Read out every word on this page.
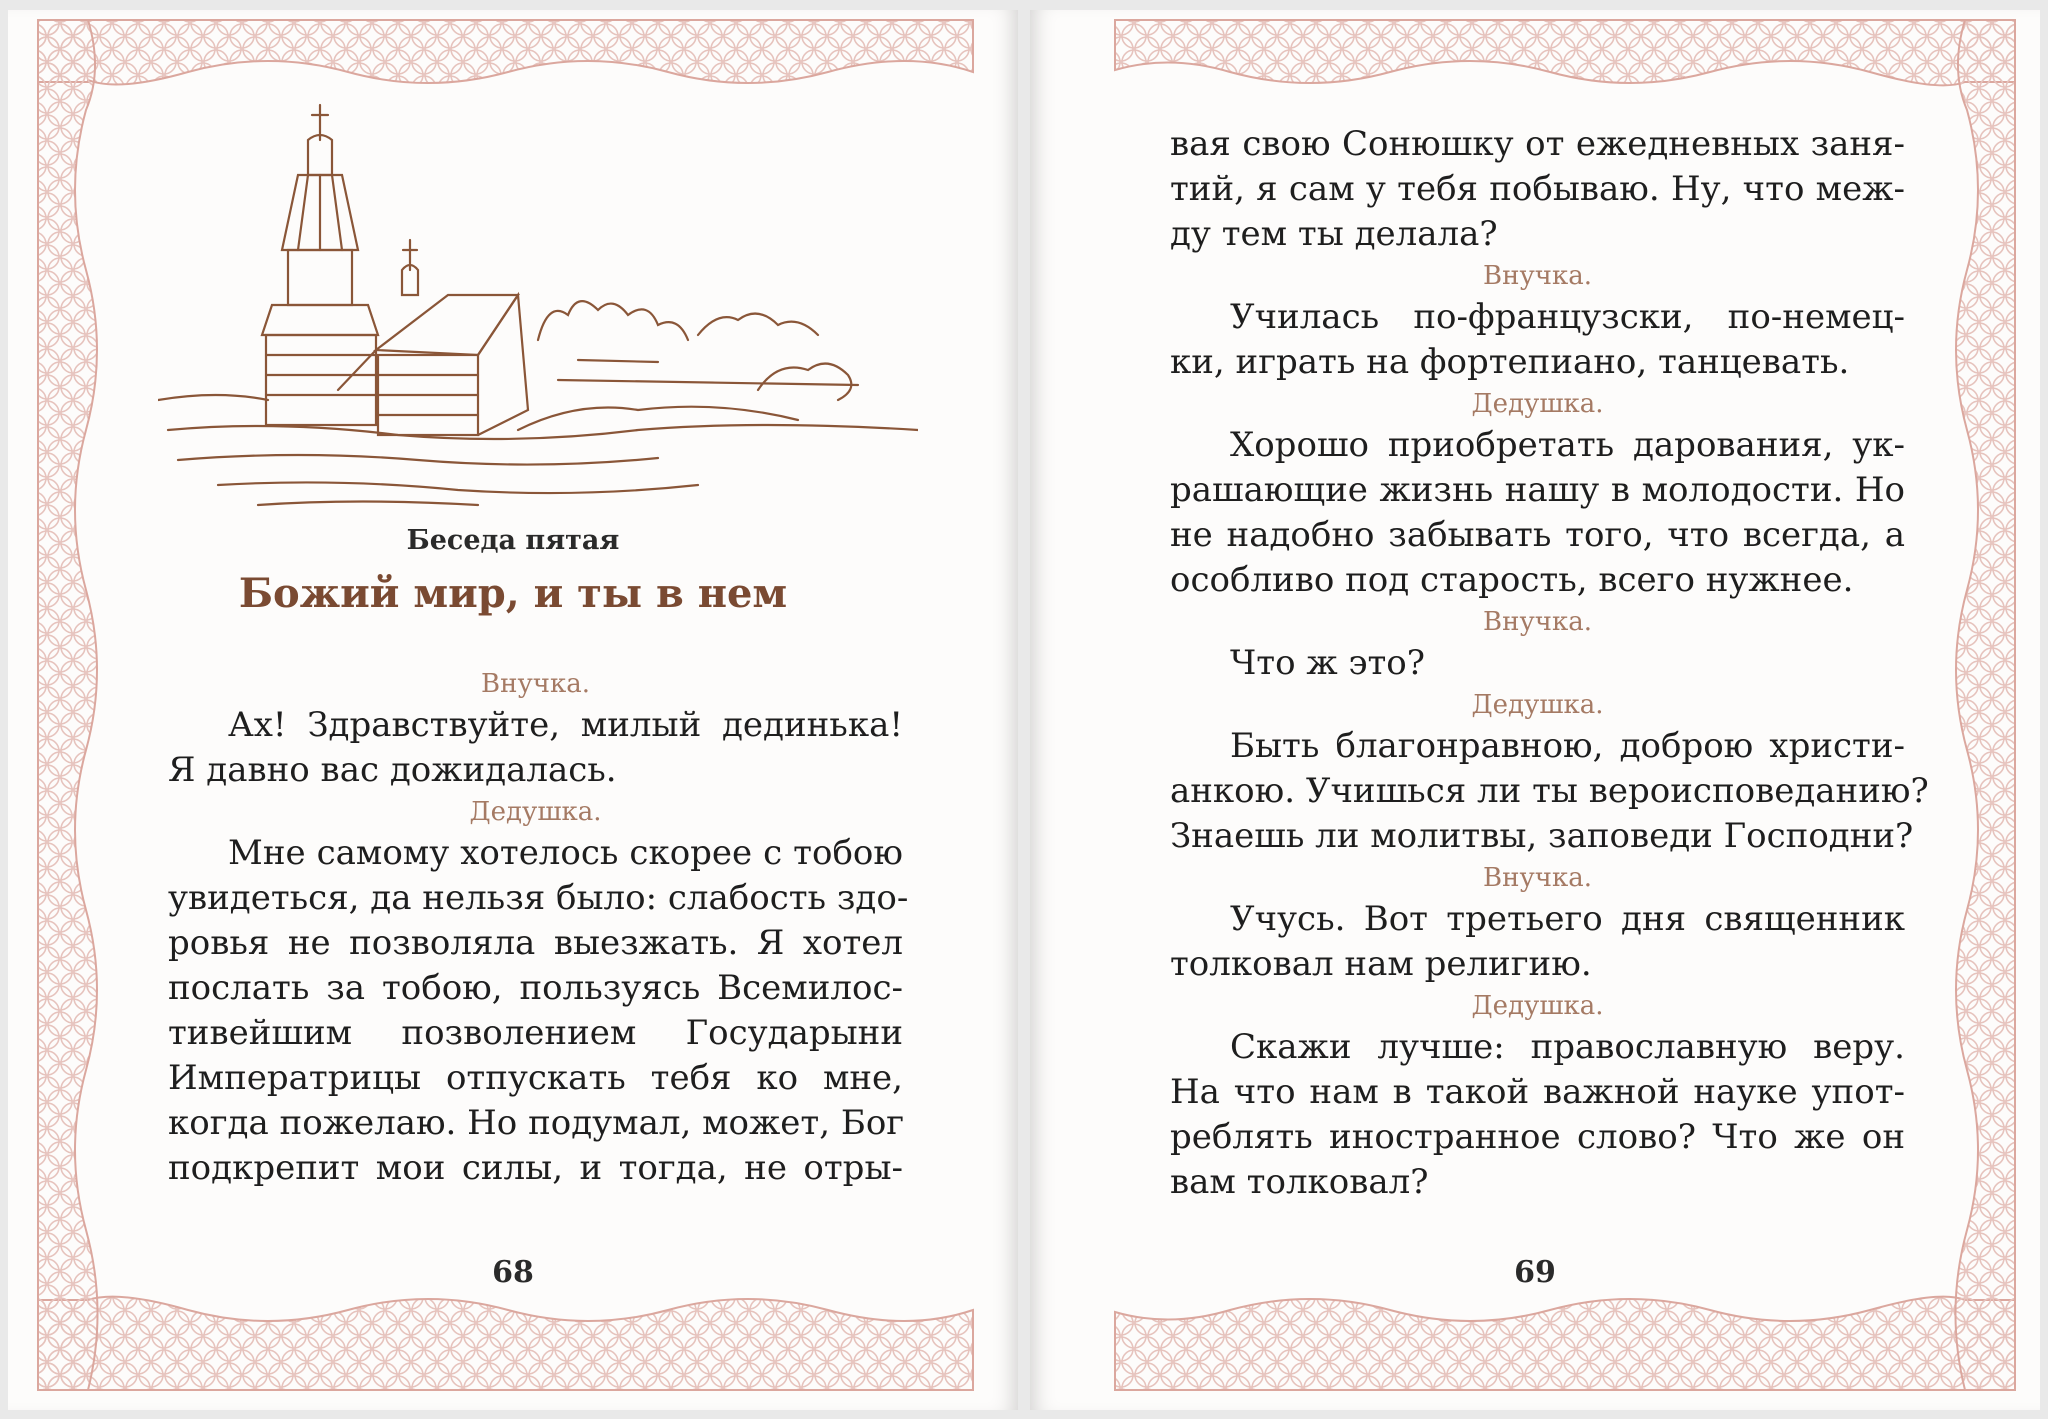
Беседа пятая
Божий мир, и ты в нем

Внучка.

Ах! Здравствуйте, милый дединька!
Я давно вас дожидалась.

Дедушка.

Мне самому хотелось скорее с тобою
увидеться, да нельзя было: слабость здо-
ровья не позволяла выезжать. Я хотел
послать за тобою, пользуясь Всемилос-
тивейшим позволением Государыни
Императрицы отпускать тебя ко мне,
когда пожелаю. Но подумал, может, Бог
подкрепит мои силы, и тогда, не отры-

68

вая свою Сонюшку от ежедневных заня-
тий, я сам у тебя побываю. Ну, что меж-
ду тем ты делала?

Внучка.

Училась по-французски, по-немец-
ки, играть на фортепиано, танцевать.

Дедушка.

Хорошо приобретать дарования, ук-
рашающие жизнь нашу в молодости. Но
не надобно забывать того, что всегда, а
особливо под старость, всего нужнее.

Внучка.

Что ж это?

Дедушка.

Быть благонравною, доброю христи-
анкою. Учишься ли ты вероисповеданию?
Знаешь ли молитвы, заповеди Господни?

Внучка.

Учусь. Вот третьего дня священник
толковал нам религию.

Дедушка.

Скажи лучше: православную веру.
На что нам в такой важной науке упот-
реблять иностранное слово? Что же он
вам толковал?

69
